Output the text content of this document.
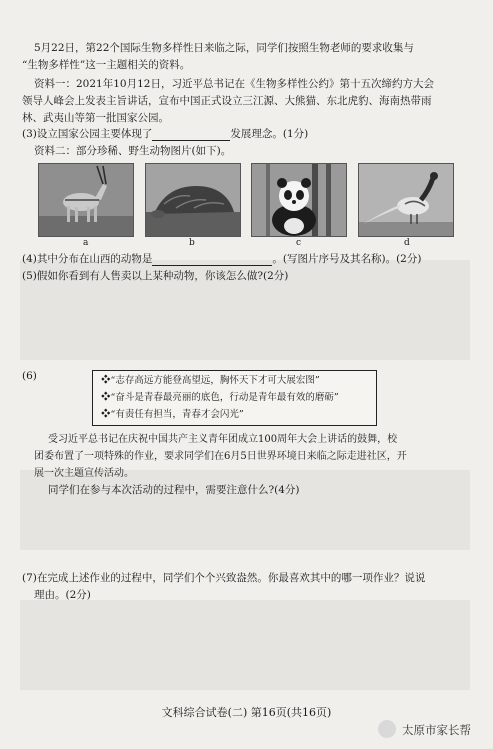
5月22日，第22个国际生物多样性日来临之际，同学们按照生物老师的要求收集与
“生物多样性”这一主题相关的资料。
资料一：2021年10月12日，习近平总书记在《生物多样性公约》第十五次缔约方大会
领导人峰会上发表主旨讲话，宣布中国正式设立三江源、大熊猫、东北虎豹、海南热带雨
林、武夷山等第一批国家公园。
(3)设立国家公园主要体现了	发展理念。(1分)
资料二：部分珍稀、野生动物图片(如下)。
a	b	c	d
(4)其中分布在山西的动物是	。(写图片序号及其名称)。(2分)
(5)假如你看到有人售卖以上某种动物，你该怎么做?(2分)
(6)	❖“志存高远方能登高望远，胸怀天下才可大展宏图”
❖“奋斗是青春最亮丽的底色，行动是青年最有效的磨砺”
❖“有责任有担当，青春才会闪光”
受习近平总书记在庆祝中国共产主义青年团成立100周年大会上讲话的鼓舞，校
团委布置了一项特殊的作业，要求同学们在6月5日世界环境日来临之际走进社区，开
展一次主题宣传活动。
同学们在参与本次活动的过程中，需要注意什么?(4分)
(7)在完成上述作业的过程中，同学们个个兴致盎然。你最喜欢其中的哪一项作业？说说
理由。(2分)
文科综合试卷(二) 第16页(共16页)
太原市家长帮
